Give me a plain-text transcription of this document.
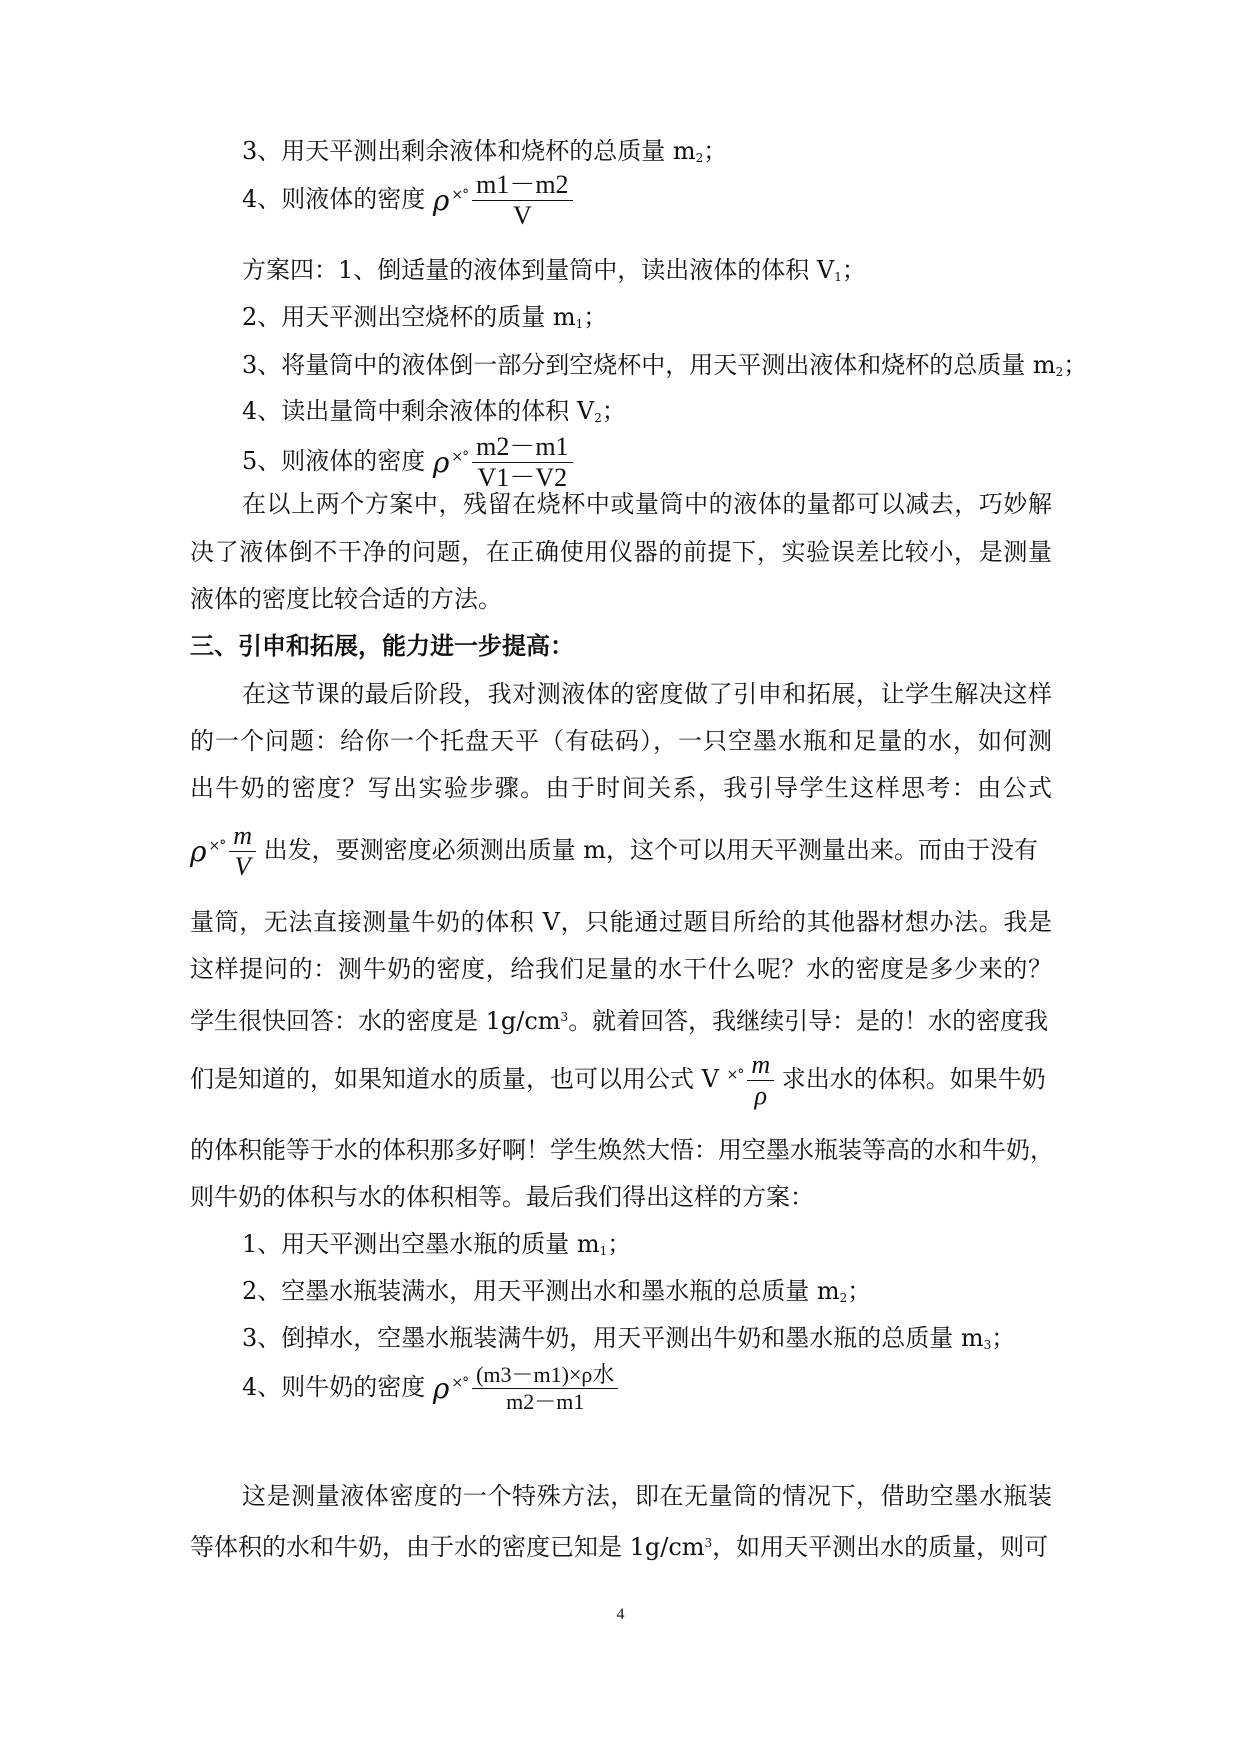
3、用天平测出剩余液体和烧杯的总质量 $m_2$；
4、则液体的密度 ρ ×° $\frac{m1-m2}{V}$
方案四：1、倒适量的液体到量筒中，读出液体的体积 $V_1$；
2、用天平测出空烧杯的质量 $m_1$；
3、将量筒中的液体倒一部分到空烧杯中，用天平测出液体和烧杯的总质量 $m_2$；
4、读出量筒中剩余液体的体积 $V_2$；
5、则液体的密度 ρ ×° $\frac{m2-m1}{V1-V2}$
在以上两个方案中，残留在烧杯中或量筒中的液体的量都可以减去，巧妙解
决了液体倒不干净的问题，在正确使用仪器的前提下，实验误差比较小，是测量
液体的密度比较合适的方法。
三、引申和拓展，能力进一步提高：
在这节课的最后阶段，我对测液体的密度做了引申和拓展，让学生解决这样
的一个问题：给你一个托盘天平（有砝码），一只空墨水瓶和足量的水，如何测
出牛奶的密度？写出实验步骤。由于时间关系，我引导学生这样思考：由公式
ρ ×° $\frac{m}{V}$ 出发，要测密度必须测出质量 m，这个可以用天平测量出来。而由于没有
量筒，无法直接测量牛奶的体积 V，只能通过题目所给的其他器材想办法。我是
这样提问的：测牛奶的密度，给我们足量的水干什么呢？水的密度是多少来的？
学生很快回答：水的密度是 $1g/cm^3$。就着回答，我继续引导：是的！水的密度我
们是知道的，如果知道水的质量，也可以用公式 V ×° $\frac{m}{\rho}$ 求出水的体积。如果牛奶
的体积能等于水的体积那多好啊！学生焕然大悟：用空墨水瓶装等高的水和牛奶，
则牛奶的体积与水的体积相等。最后我们得出这样的方案：
1、用天平测出空墨水瓶的质量 $m_1$；
2、空墨水瓶装满水，用天平测出水和墨水瓶的总质量 $m_2$；
3、倒掉水，空墨水瓶装满牛奶，用天平测出牛奶和墨水瓶的总质量 $m_3$；
4、则牛奶的密度 ρ ×° $\frac{\text{(m3－m1)×ρ水}}{m2-m1}$
这是测量液体密度的一个特殊方法，即在无量筒的情况下，借助空墨水瓶装
等体积的水和牛奶，由于水的密度已知是 $1g/cm^3$，如用天平测出水的质量，则可
4
